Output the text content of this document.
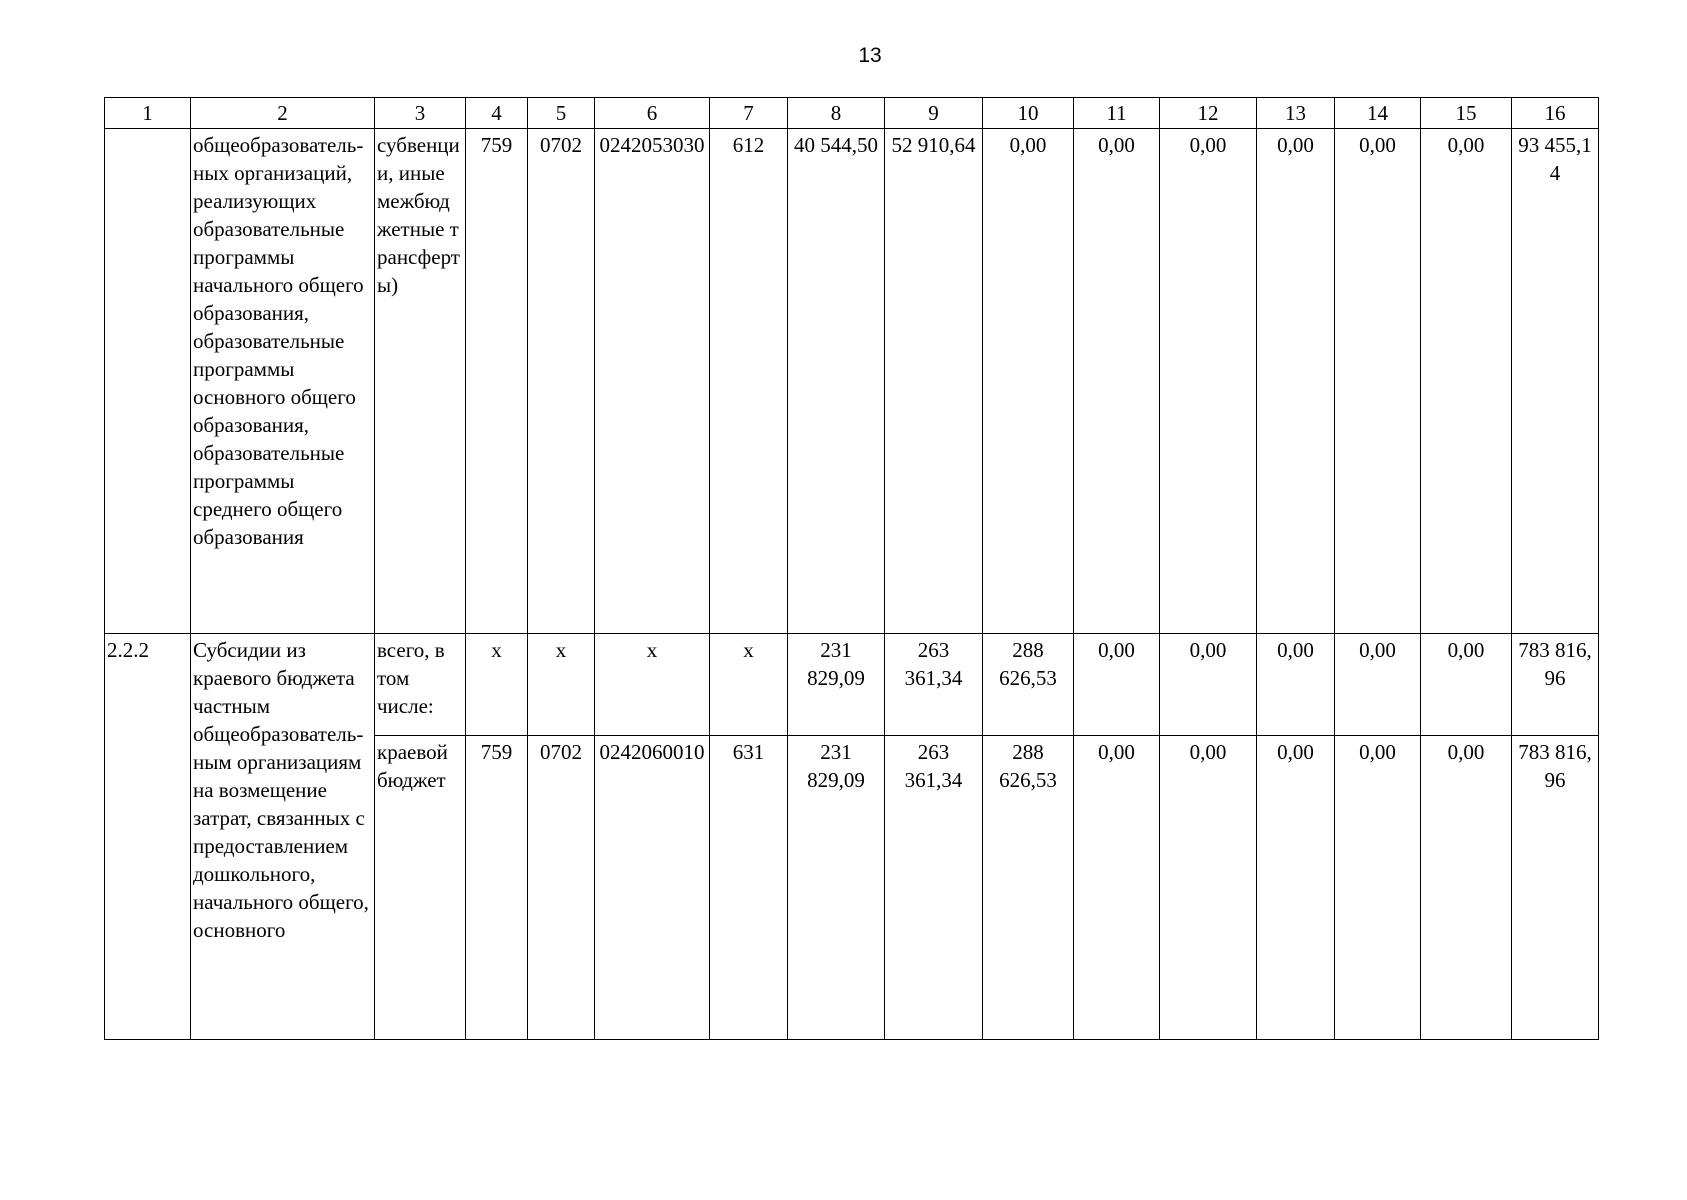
13
1	2	3	4	5	6	7	8	9	10	11	12	13	14	15	16
	общеобразовательных организаций, реализующих образовательные программы начального общего образования, образовательные программы основного общего образования, образовательные программы среднего общего образования	субвенции, иные межбюджетные трансферты)	759	0702	0242053030	612	40 544,50	52 910,64	0,00	0,00	0,00	0,00	0,00	0,00	93 455,14
2.2.2	Субсидии из краевого бюджета частным общеобразовательным организациям на возмещение затрат, связанных с предоставлением дошкольного, начального общего, основного	всего, в том числе:	x	x	x	x	231 829,09	263 361,34	288 626,53	0,00	0,00	0,00	0,00	0,00	783 816,96
		краевой бюджет	759	0702	0242060010	631	231 829,09	263 361,34	288 626,53	0,00	0,00	0,00	0,00	0,00	783 816,96
